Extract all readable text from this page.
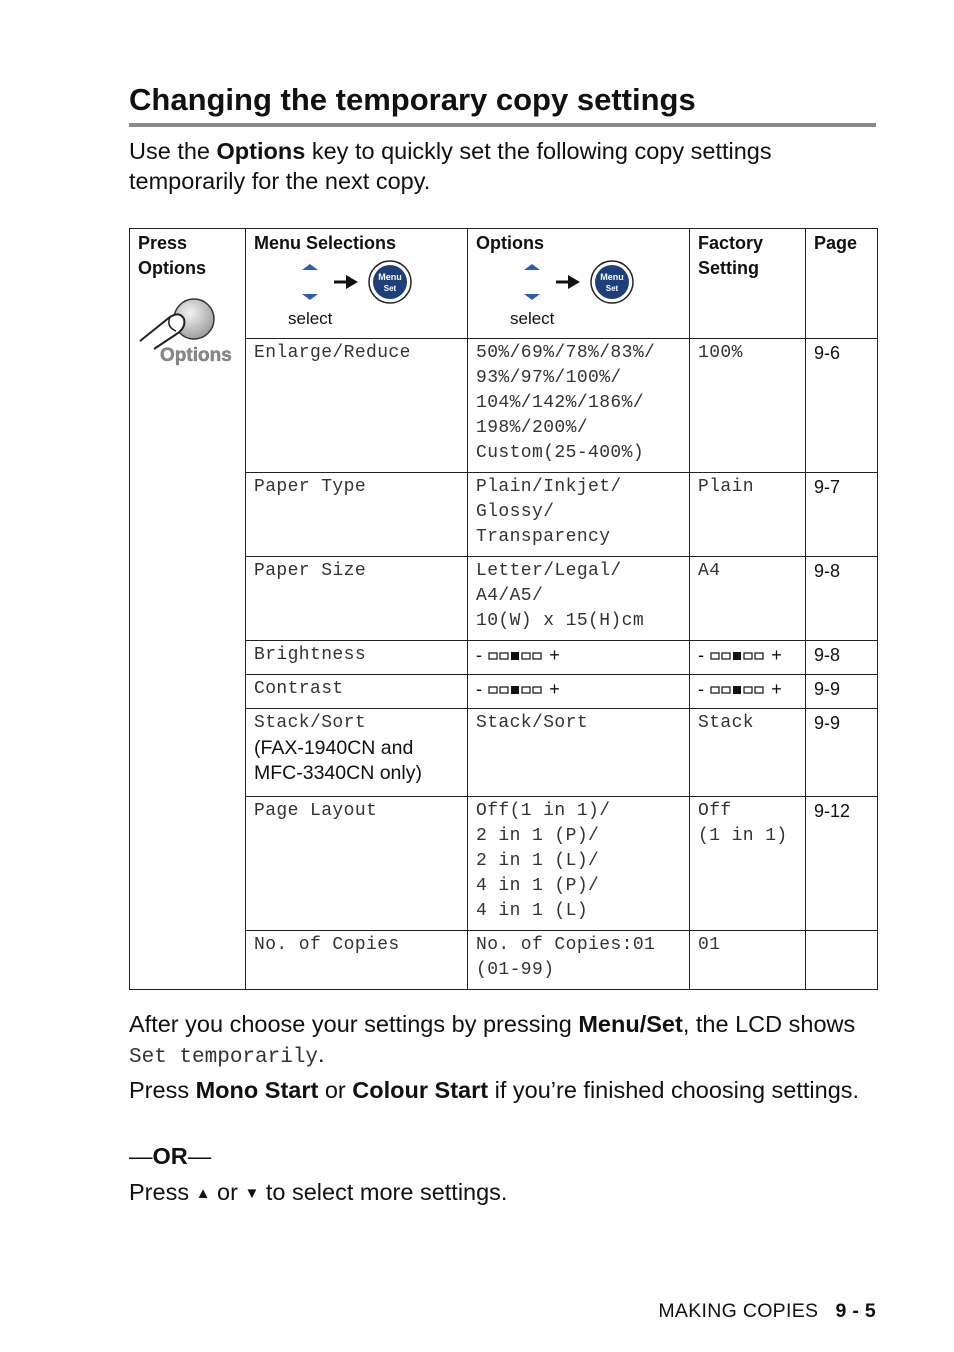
Changing the temporary copy settings

Use the Options key to quickly set the following copy settings temporarily for the next copy.

Press Options
Options	Menu Selections
Menu
Set
select	Options
Menu
Set
select	Factory Setting	Page

	Enlarge/Reduce	50%/69%/78%/83%/
93%/97%/100%/
104%/142%/186%/
198%/200%/
Custom(25-400%)	100%	9-6

	Paper Type	Plain/Inkjet/
Glossy/
Transparency	Plain	9-7

	Paper Size	Letter/Legal/
A4/A5/
10(W) x 15(H)cm	A4	9-8

	Brightness	- +	- +	9-8

	Contrast	- +	- +	9-9

	Stack/Sort
(FAX-1940CN and
MFC-3340CN only)	Stack/Sort	Stack	9-9

	Page Layout	Off(1 in 1)/
2 in 1 (P)/
2 in 1 (L)/
4 in 1 (P)/
4 in 1 (L)	Off
(1 in 1)	9-12

	No. of Copies	No. of Copies:01
(01-99)	01	

After you choose your settings by pressing Menu/Set, the LCD shows Set temporarily.

Press Mono Start or Colour Start if you’re finished choosing settings.

—OR—

Press ▲ or ▼ to select more settings.

MAKING COPIES 9 - 5
